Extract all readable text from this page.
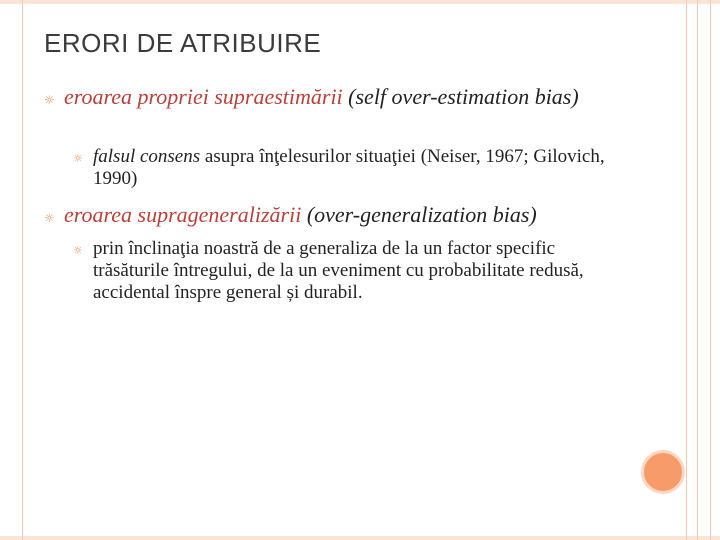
ERORI DE ATRIBUIRE
☼ eroarea propriei supraestimării (self over-estimation bias)
☼ falsul consens asupra înţelesurilor situaţiei (Neiser, 1967; Gilovich, 1990)
☼ eroarea suprageneralizării (over-generalization bias)
☼ prin înclinaţia noastră de a generaliza de la un factor specific trăsăturile întregului, de la un eveniment cu probabilitate redusă, accidental înspre general și durabil.
